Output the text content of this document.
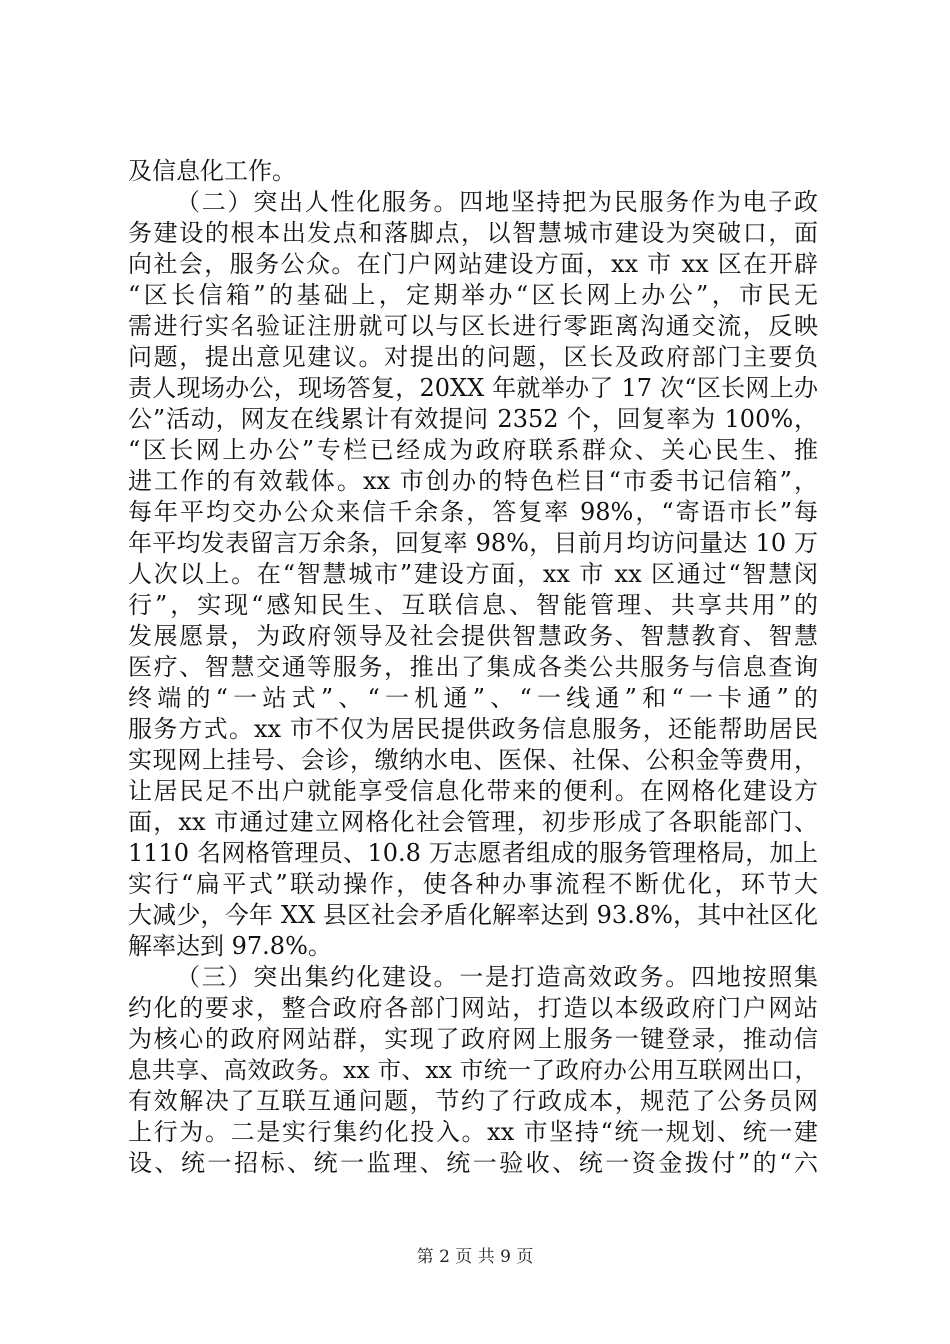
及信息化工作。
（二）突出人性化服务。四地坚持把为民服务作为电子政
务建设的根本出发点和落脚点，以智慧城市建设为突破口，面
向社会，服务公众。在门户网站建设方面，xx 市 xx 区在开辟
“区长信箱”的基础上，定期举办“区长网上办公”，市民无
需进行实名验证注册就可以与区长进行零距离沟通交流，反映
问题，提出意见建议。对提出的问题，区长及政府部门主要负
责人现场办公，现场答复，20XX 年就举办了 17 次“区长网上办
公”活动，网友在线累计有效提问 2352 个，回复率为 100%，
“区长网上办公”专栏已经成为政府联系群众、关心民生、推
进工作的有效载体。xx 市创办的特色栏目“市委书记信箱”，
每年平均交办公众来信千余条，答复率 98%，“寄语市长”每
年平均发表留言万余条，回复率 98%，目前月均访问量达 10 万
人次以上。在“智慧城市”建设方面，xx 市 xx 区通过“智慧闵
行”，实现“感知民生、互联信息、智能管理、共享共用”的
发展愿景，为政府领导及社会提供智慧政务、智慧教育、智慧
医疗、智慧交通等服务，推出了集成各类公共服务与信息查询
终端的“一站式”、“一机通”、“一线通”和“一卡通”的
服务方式。xx 市不仅为居民提供政务信息服务，还能帮助居民
实现网上挂号、会诊，缴纳水电、医保、社保、公积金等费用，
让居民足不出户就能享受信息化带来的便利。在网格化建设方
面，xx 市通过建立网格化社会管理，初步形成了各职能部门、
1110 名网格管理员、10.8 万志愿者组成的服务管理格局，加上
实行“扁平式”联动操作，使各种办事流程不断优化，环节大
大减少，今年 XX 县区社会矛盾化解率达到 93.8%，其中社区化
解率达到 97.8%。
（三）突出集约化建设。一是打造高效政务。四地按照集
约化的要求，整合政府各部门网站，打造以本级政府门户网站
为核心的政府网站群，实现了政府网上服务一键登录，推动信
息共享、高效政务。xx 市、xx 市统一了政府办公用互联网出口，
有效解决了互联互通问题，节约了行政成本，规范了公务员网
上行为。二是实行集约化投入。xx 市坚持“统一规划、统一建
设、统一招标、统一监理、统一验收、统一资金拨付”的“六
第 2 页 共 9 页
